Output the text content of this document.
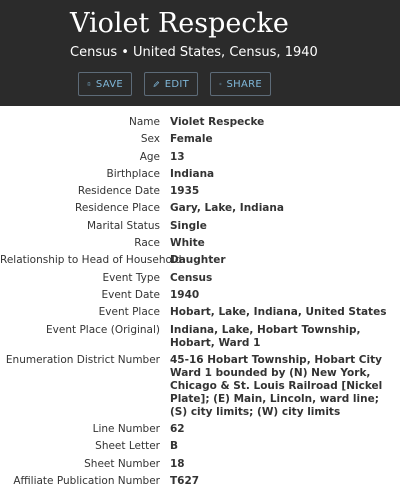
Violet Respecke
Census • United States, Census, 1940
SAVE	EDIT	SHARE
Name Violet Respecke
Sex Female
Age 13
Birthplace Indiana
Residence Date 1935
Residence Place Gary, Lake, Indiana
Marital Status Single
Race White
Relationship to Head of Household
Daughter
Event Type Census
Event Date 1940
Event Place Hobart, Lake, Indiana, United States
Event Place (Original) Indiana, Lake, Hobart Township, Hobart, Ward 1
Enumeration District Number 45-16 Hobart Township, Hobart City Ward 1 bounded by (N) New York, Chicago & St. Louis Railroad [Nickel Plate]; (E) Main, Lincoln, ward line; (S) city limits; (W) city limits
Line Number 62
Sheet Letter B
Sheet Number 18
Affiliate Publication Number T627
